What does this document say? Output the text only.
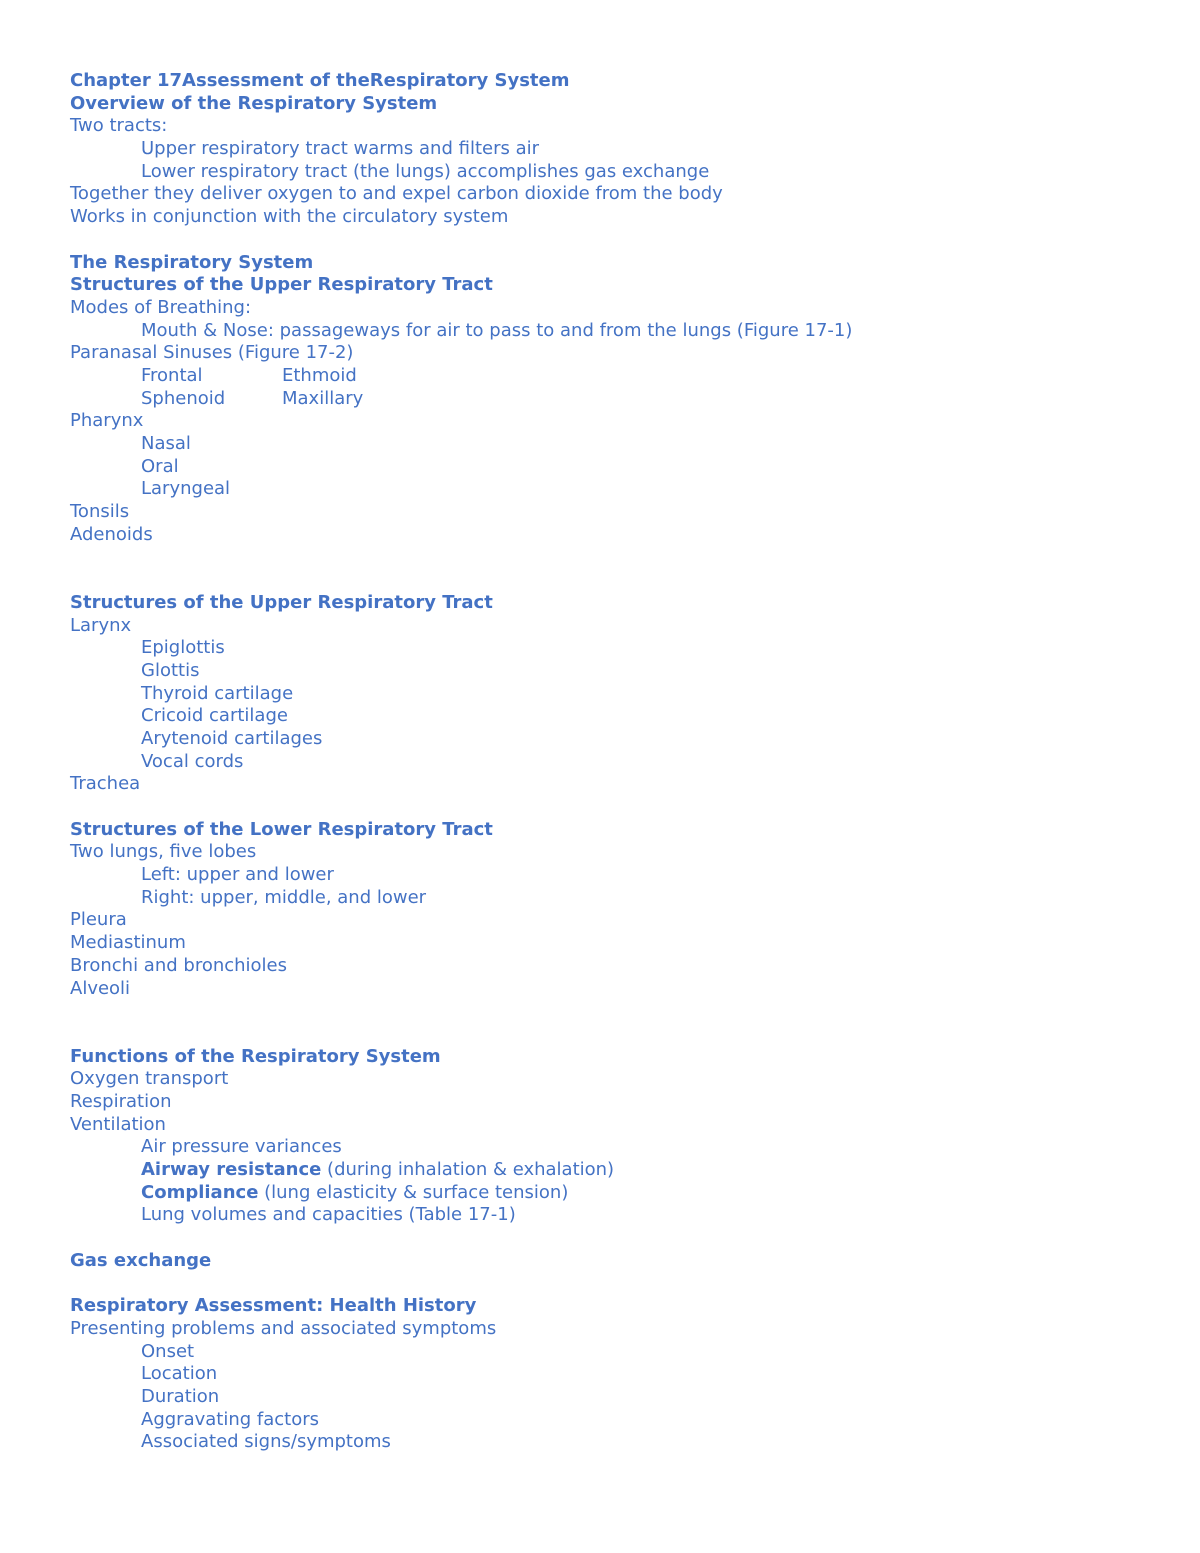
Chapter 17Assessment of theRespiratory System
Overview of the Respiratory System
Two tracts:
Upper respiratory tract warms and filters air
Lower respiratory tract (the lungs) accomplishes gas exchange
Together they deliver oxygen to and expel carbon dioxide from the body
Works in conjunction with the circulatory system
The Respiratory System
Structures of the Upper Respiratory Tract
Modes of Breathing:
Mouth & Nose: passageways for air to pass to and from the lungs (Figure 17-1)
Paranasal Sinuses (Figure 17-2)
Frontal	Ethmoid
Sphenoid	Maxillary
Pharynx
Nasal
Oral
Laryngeal
Tonsils
Adenoids
Structures of the Upper Respiratory Tract
Larynx
Epiglottis
Glottis
Thyroid cartilage
Cricoid cartilage
Arytenoid cartilages
Vocal cords
Trachea
Structures of the Lower Respiratory Tract
Two lungs, five lobes
Left: upper and lower
Right: upper, middle, and lower
Pleura
Mediastinum
Bronchi and bronchioles
Alveoli
Functions of the Respiratory System
Oxygen transport
Respiration
Ventilation
Air pressure variances
Airway resistance (during inhalation & exhalation)
Compliance (lung elasticity & surface tension)
Lung volumes and capacities (Table 17-1)
Gas exchange
Respiratory Assessment: Health History
Presenting problems and associated symptoms
Onset
Location
Duration
Aggravating factors
Associated signs/symptoms
